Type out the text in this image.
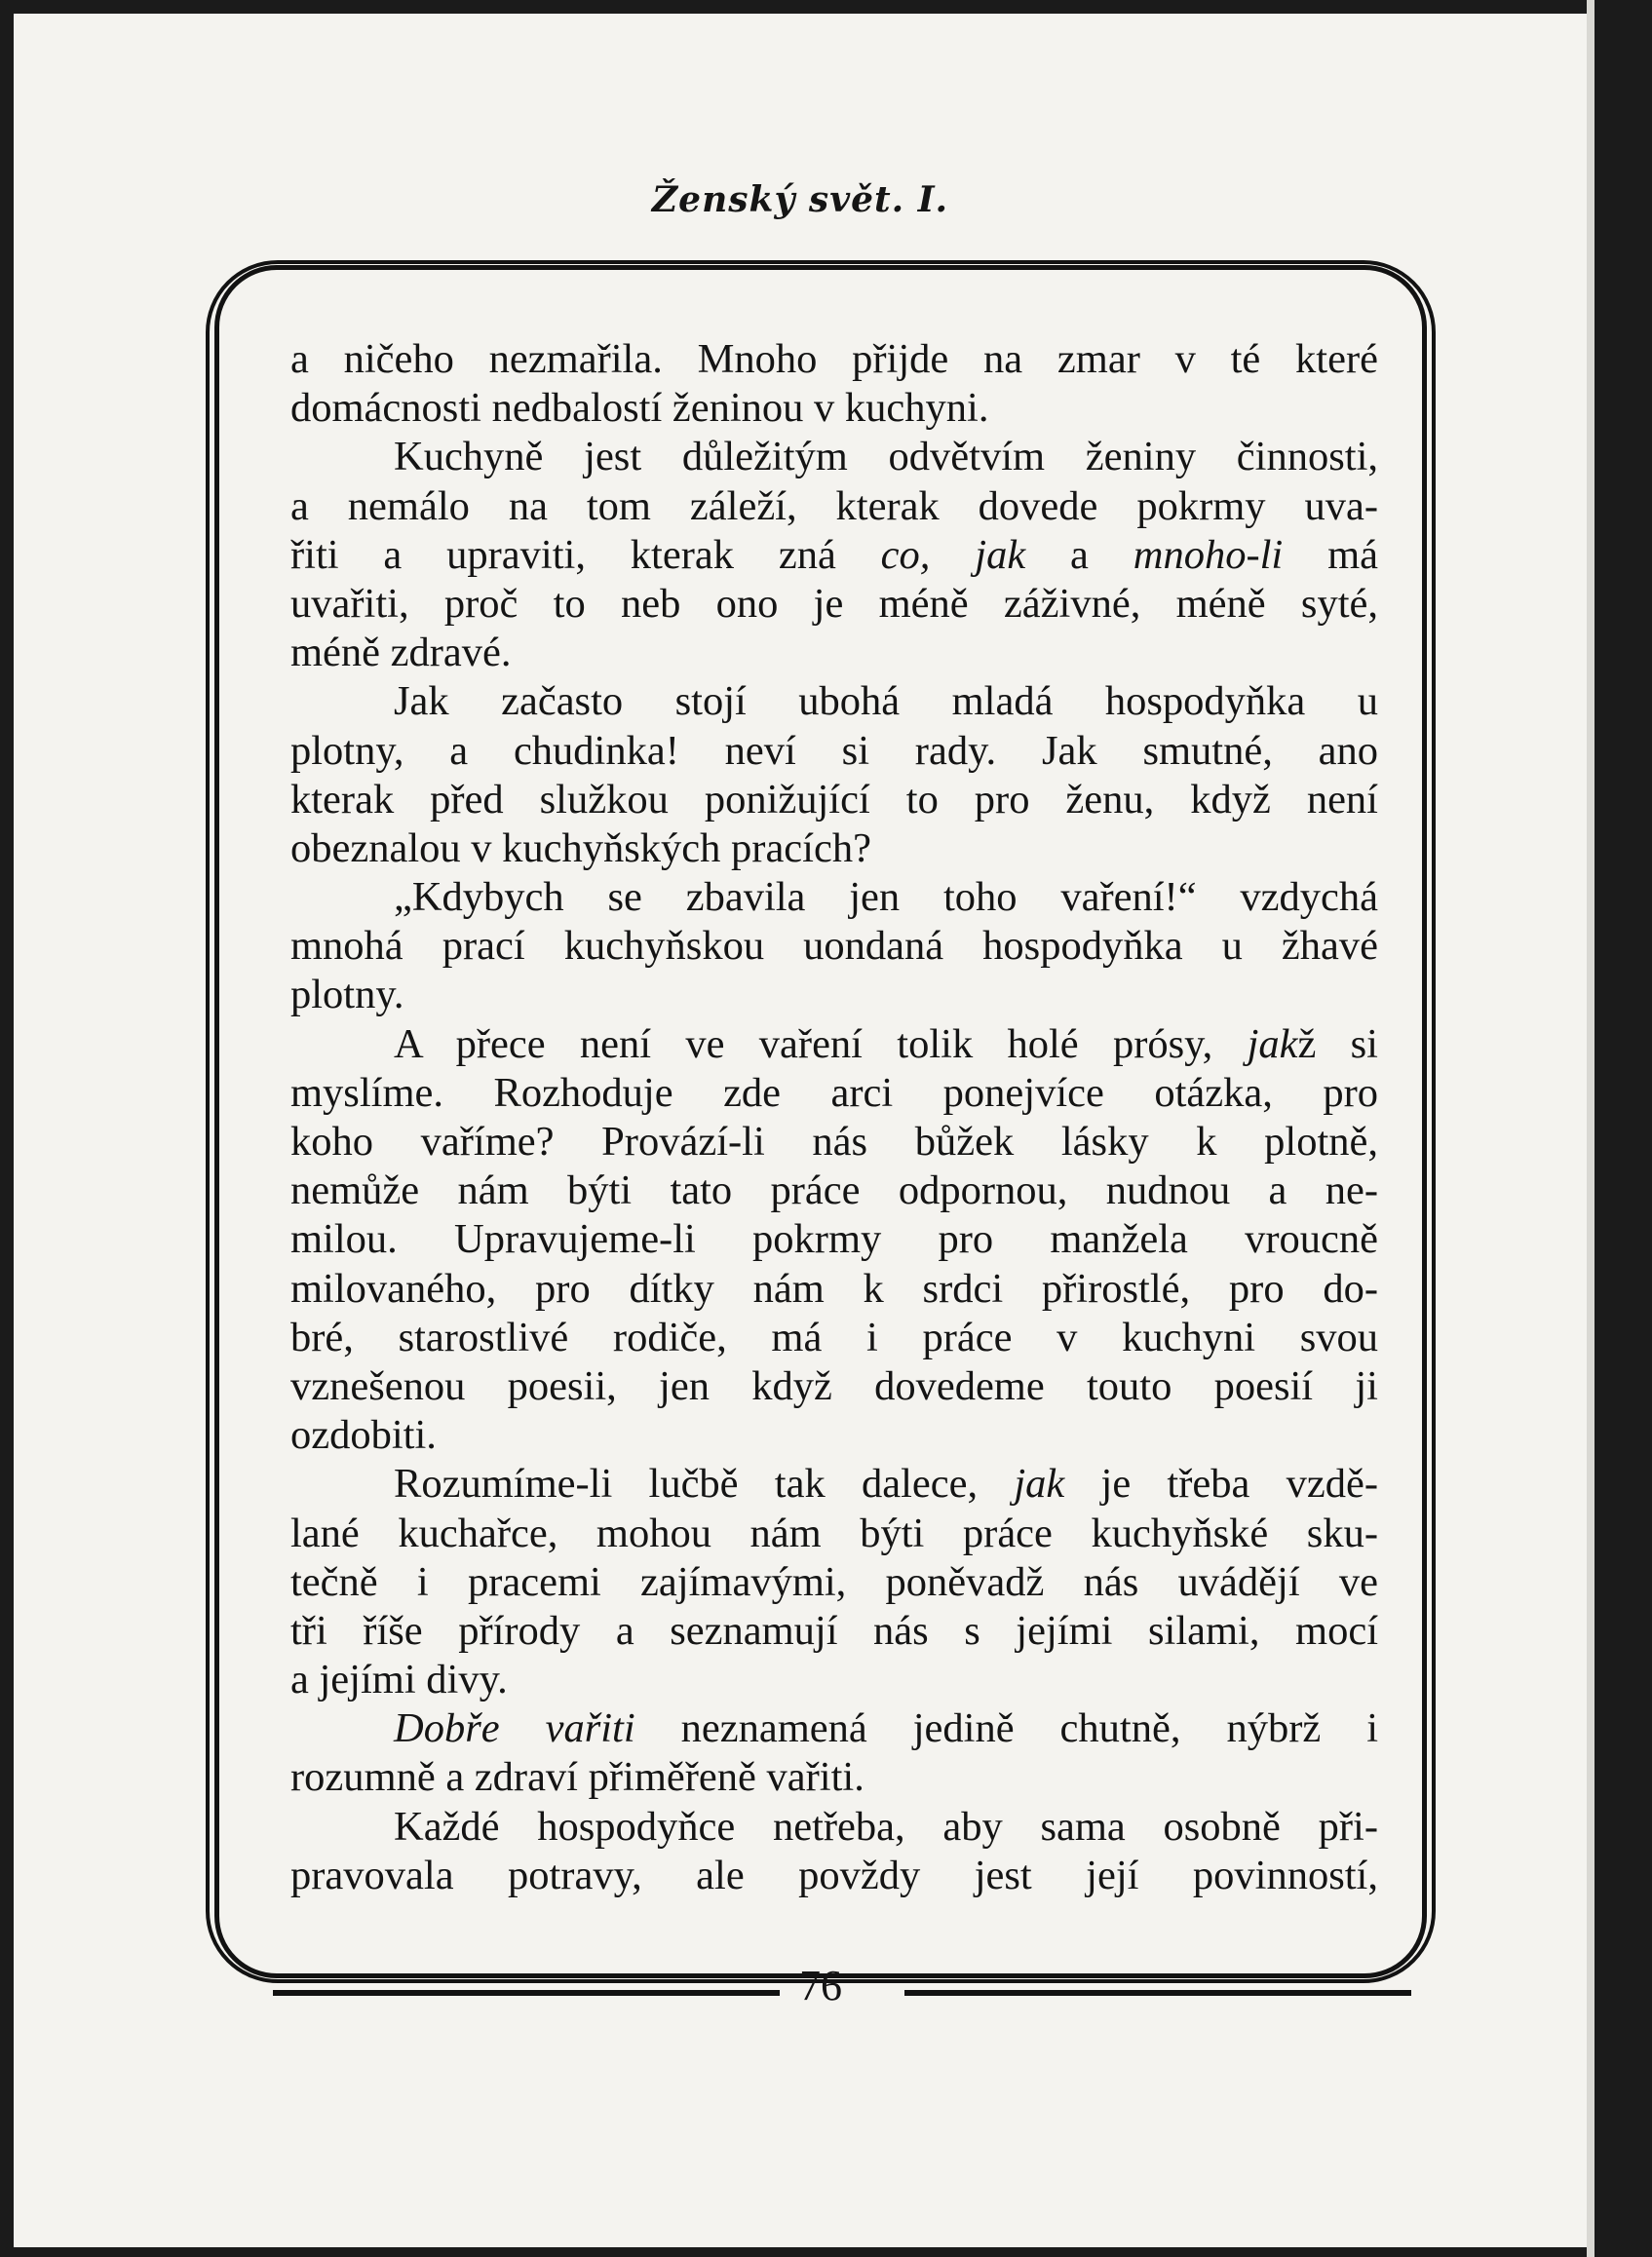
Ženský svět. I.
a ničeho nezmařila. Mnoho přijde na zmar v té které
domácnosti nedbalostí ženinou v kuchyni.
Kuchyně jest důležitým odvětvím ženiny činnosti,
a nemálo na tom záleží, kterak dovede pokrmy uva-
řiti a upraviti, kterak zná co, jak a mnoho-li má
uvařiti, proč to neb ono je méně záživné, méně syté,
méně zdravé.
Jak začasto stojí ubohá mladá hospodyňka u
plotny, a chudinka! neví si rady. Jak smutné, ano
kterak před služkou ponižující to pro ženu, když není
obeznalou v kuchyňských pracích?
„Kdybych se zbavila jen toho vaření!“ vzdychá
mnohá prací kuchyňskou uondaná hospodyňka u žhavé
plotny.
A přece není ve vaření tolik holé prósy, jakž si
myslíme. Rozhoduje zde arci ponejvíce otázka, pro
koho vaříme? Provází-li nás bůžek lásky k plotně,
nemůže nám býti tato práce odpornou, nudnou a ne-
milou. Upravujeme-li pokrmy pro manžela vroucně
milovaného, pro dítky nám k srdci přirostlé, pro do-
bré, starostlivé rodiče, má i práce v kuchyni svou
vznešenou poesii, jen když dovedeme touto poesií ji
ozdobiti.
Rozumíme-li lučbě tak dalece, jak je třeba vzdě-
lané kuchařce, mohou nám býti práce kuchyňské sku-
tečně i pracemi zajímavými, poněvadž nás uvádějí ve
tři říše přírody a seznamují nás s jejími silami, mocí
a jejími divy.
Dobře vařiti neznamená jedině chutně, nýbrž i
rozumně a zdraví přiměřeně vařiti.
Každé hospodyňce netřeba, aby sama osobně při-
pravovala potravy, ale povždy jest její povinností,
76
